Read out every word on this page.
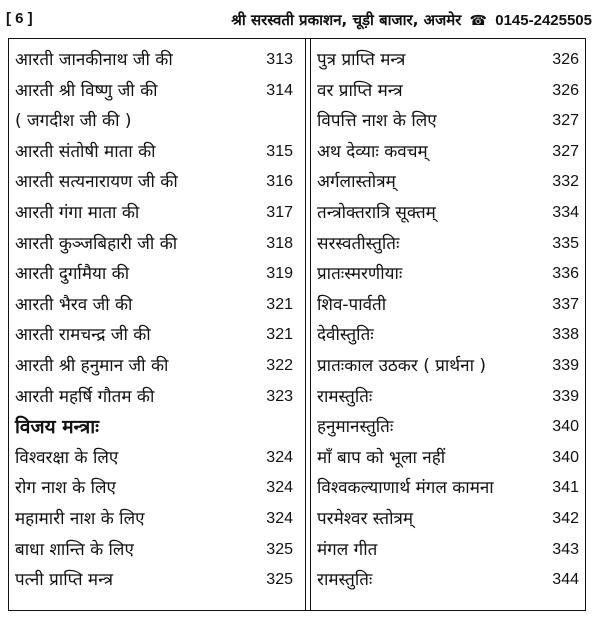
[ 6 ]	श्री सरस्वती प्रकाशन, चूड़ी बाजार, अजमेर ☎ 0145-2425505
आरती जानकीनाथ जी की	313
आरती श्री विष्णु जी की	314
( जगदीश जी की )
आरती संतोषी माता की	315
आरती सत्यनारायण जी की	316
आरती गंगा माता की	317
आरती कुञ्जबिहारी जी की	318
आरती दुर्गामैया की	319
आरती भैरव जी की	321
आरती रामचन्द्र जी की	321
आरती श्री हनुमान जी की	322
आरती महर्षि गौतम की	323
विजय मन्त्राः
विश्वरक्षा के लिए	324
रोग नाश के लिए	324
महामारी नाश के लिए	324
बाधा शान्ति के लिए	325
पत्नी प्राप्ति मन्त्र	325
पुत्र प्राप्ति मन्त्र	326
वर प्राप्ति मन्त्र	326
विपत्ति नाश के लिए	327
अथ देव्याः कवचम्	327
अर्गलास्तोत्रम्	332
तन्त्रोक्तरात्रि सूक्तम्	334
सरस्वतीस्तुतिः	335
प्रातःस्मरणीयाः	336
शिव-पार्वती	337
देवीस्तुतिः	338
प्रातःकाल उठकर ( प्रार्थना )	339
रामस्तुतिः	339
हनुमानस्तुतिः	340
माँ बाप को भूला नहीं	340
विश्वकल्याणार्थ मंगल कामना	341
परमेश्वर स्तोत्रम्	342
मंगल गीत	343
रामस्तुतिः	344
